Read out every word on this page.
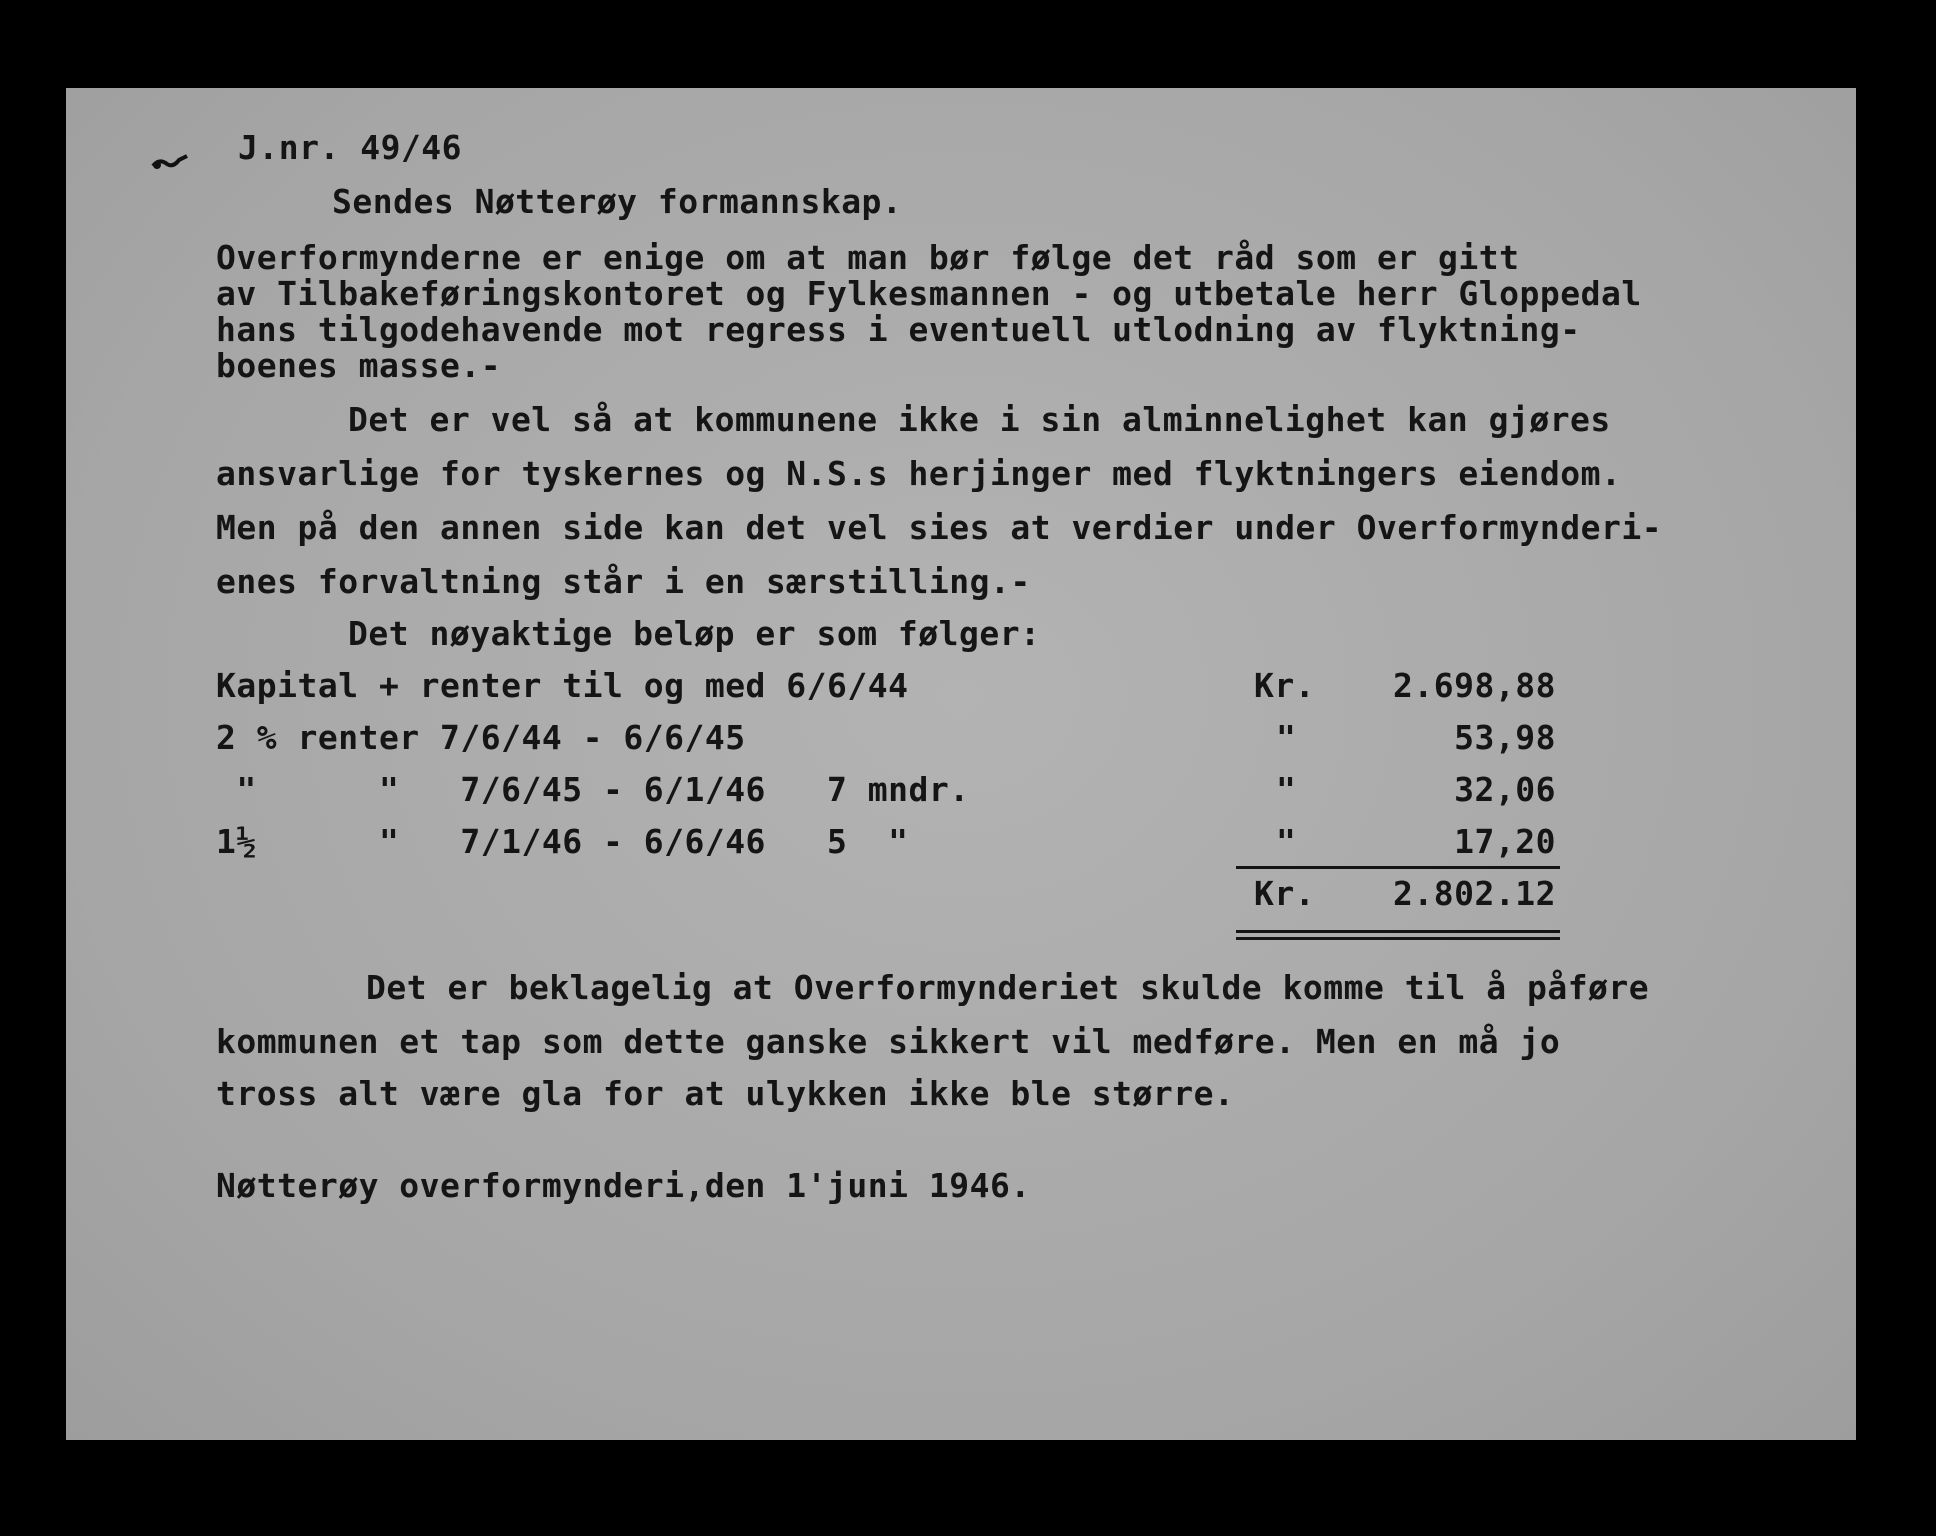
J.nr. 49/46
Sendes Nøtterøy formannskap.
Overformynderne er enige om at man bør følge det råd som er gitt
av Tilbakeføringskontoret og Fylkesmannen - og utbetale herr Gloppedal
hans tilgodehavende mot regress i eventuell utlodning av flyktning-
boenes masse.-
Det er vel så at kommunene ikke i sin alminnelighet kan gjøres
ansvarlige for tyskernes og N.S.s herjinger med flyktningers eiendom.
Men på den annen side kan det vel sies at verdier under Overformynderi-
enes forvaltning står i en særstilling.-
Det nøyaktige beløp er som følger:
Kapital + renter til og med 6/6/44	Kr.	2.698,88
2 % renter 7/6/44 - 6/6/45	"	53,98
"      "   7/6/45 - 6/1/46   7 mndr.	"	32,06
1½      "   7/1/46 - 6/6/46   5  "	"	17,20
Kr.	2.802.12
Det er beklagelig at Overformynderiet skulde komme til å påføre
kommunen et tap som dette ganske sikkert vil medføre. Men en må jo
tross alt være gla for at ulykken ikke ble større.
Nøtterøy overformynderi,den 1'juni 1946.
